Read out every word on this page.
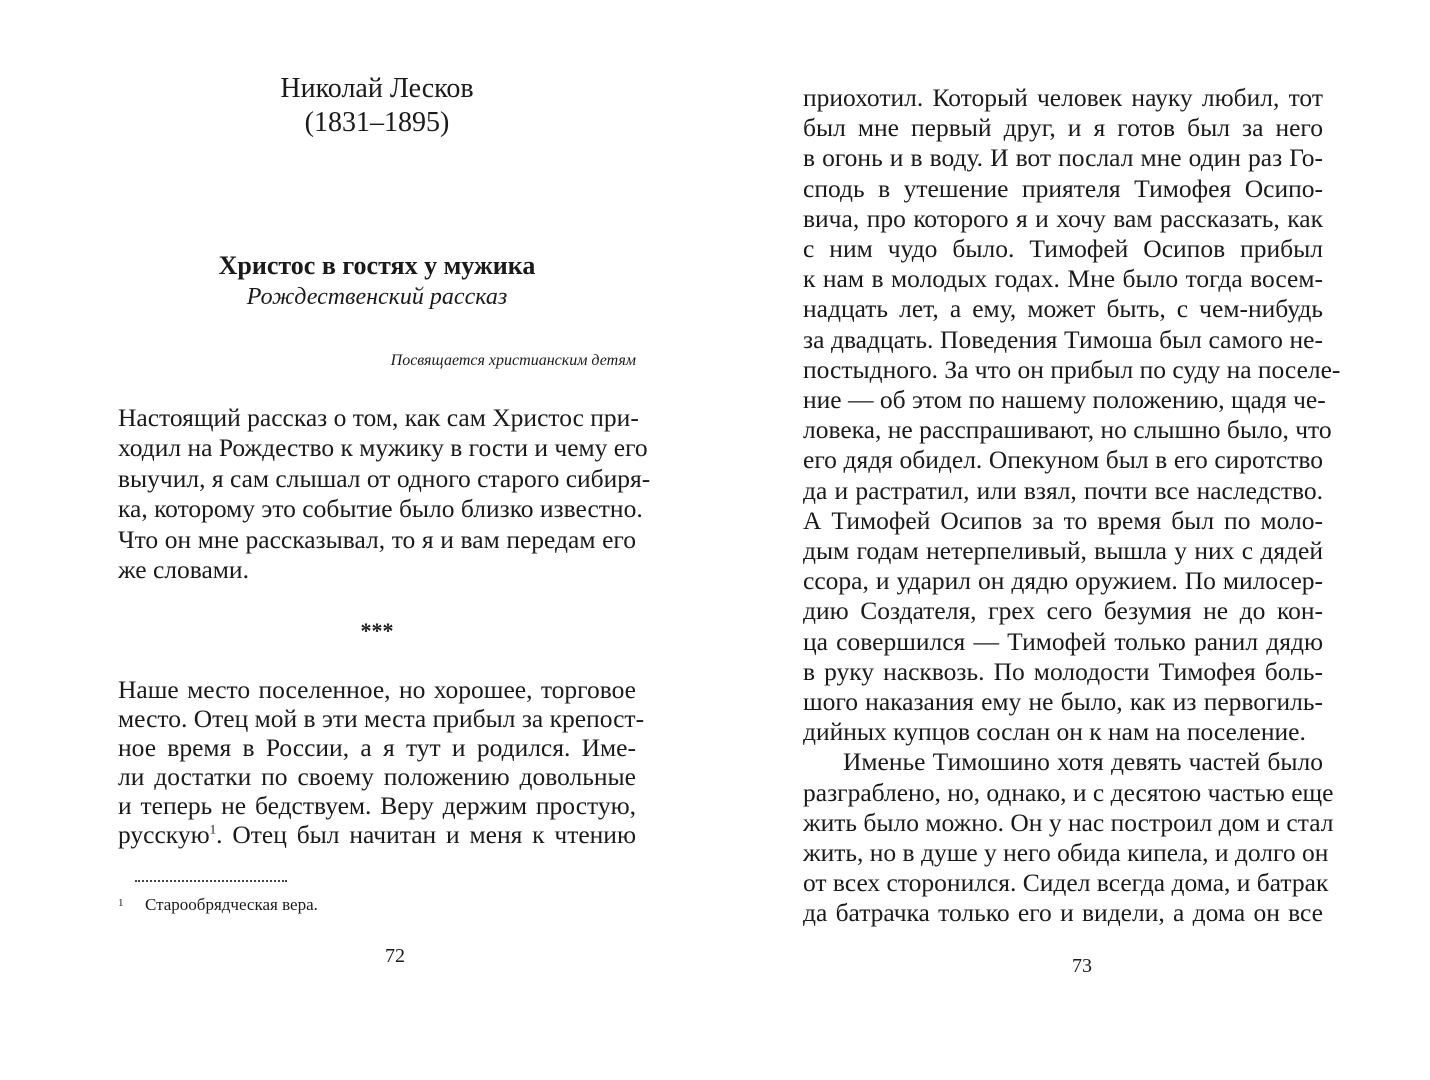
Николай Лесков
(1831–1895)
Христос в гостях у мужика
Рождественский рассказ
Посвящается христианским детям
Настоящий рассказ о том, как сам Христос при-
ходил на Рождество к мужику в гости и чему его
выучил, я сам слышал от одного старого сибиря-
ка, которому это событие было близко известно.
Что он мне рассказывал, то я и вам передам его
же словами.
***
Наше место поселенное, но хорошее, торговое
место. Отец мой в эти места прибыл за крепост-
ное время в России, а я тут и родился. Име-
ли достатки по своему положению довольные
и теперь не бедствуем. Веру держим простую,
русскую$^1$. Отец был начитан и меня к чтению
1 Старообрядческая вера.
72
приохотил. Который человек науку любил, тот
был мне первый друг, и я готов был за него
в огонь и в воду. И вот послал мне один раз Го-
сподь в утешение приятеля Тимофея Осипо-
вича, про которого я и хочу вам рассказать, как
с ним чудо было. Тимофей Осипов прибыл
к нам в молодых годах. Мне было тогда восем-
надцать лет, а ему, может быть, с чем-нибудь
за двадцать. Поведения Тимоша был самого не-
постыдного. За что он прибыл по суду на поселе-
ние — об этом по нашему положению, щадя че-
ловека, не расспрашивают, но слышно было, что
его дядя обидел. Опекуном был в его сиротство
да и растратил, или взял, почти все наследство.
А Тимофей Осипов за то время был по моло-
дым годам нетерпеливый, вышла у них с дядей
ссора, и ударил он дядю оружием. По милосер-
дию Создателя, грех сего безумия не до кон-
ца совершился — Тимофей только ранил дядю
в руку насквозь. По молодости Тимофея боль-
шого наказания ему не было, как из первогиль-
дийных купцов сослан он к нам на поселение.
Именье Тимошино хотя девять частей было
разграблено, но, однако, и с десятою частью еще
жить было можно. Он у нас построил дом и стал
жить, но в душе у него обида кипела, и долго он
от всех сторонился. Сидел всегда дома, и батрак
да батрачка только его и видели, а дома он все
73
